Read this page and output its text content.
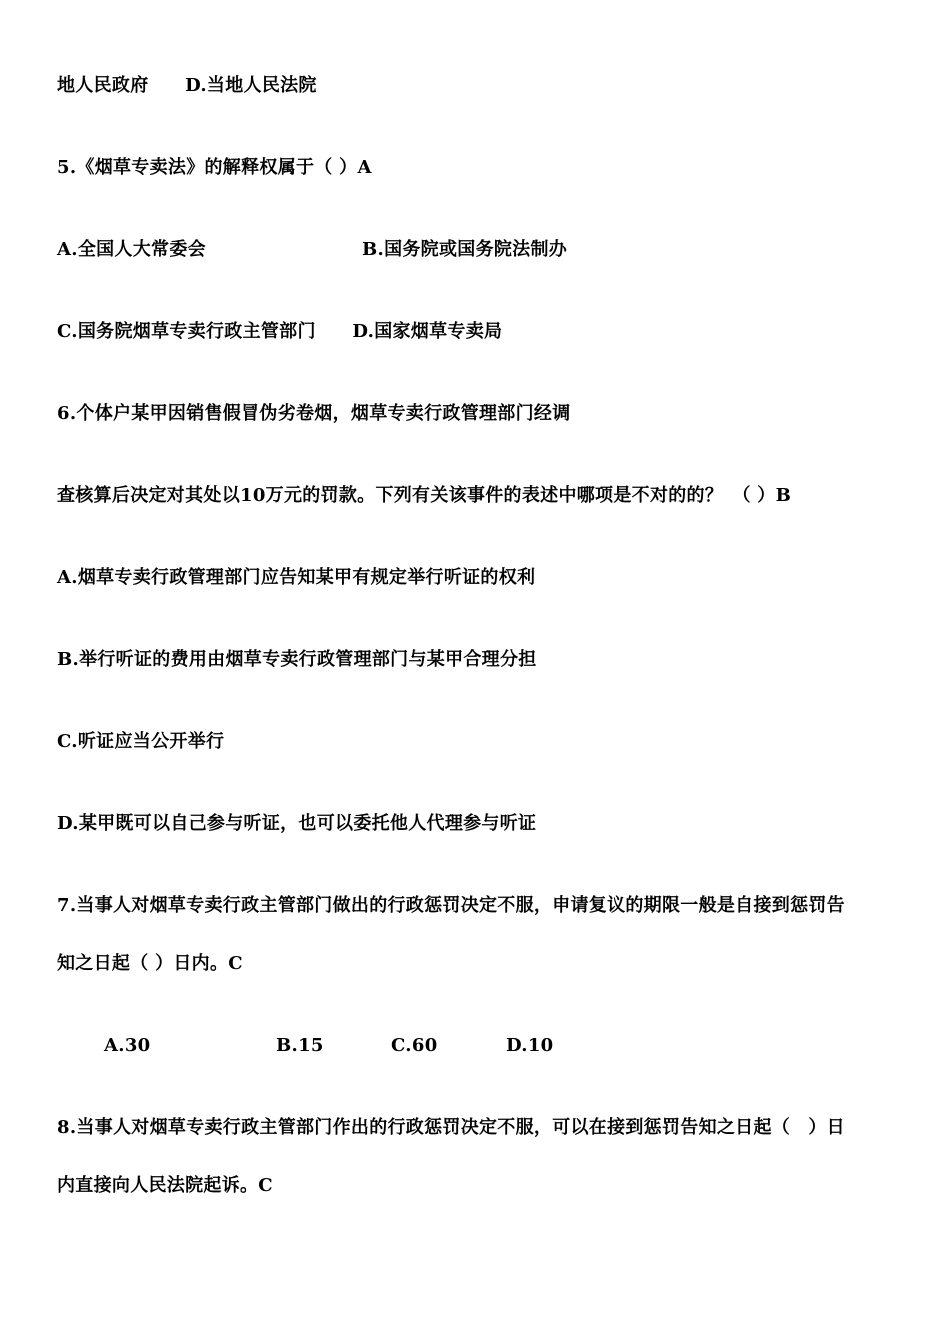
地人民政府　　D.当地人民法院
5.《烟草专卖法》的解释权属于（ ）A
A.全国人大常委会	B.国务院或国务院法制办
C.国务院烟草专卖行政主管部门　　D.国家烟草专卖局
6.个体户某甲因销售假冒伪劣卷烟，烟草专卖行政管理部门经调
查核算后决定对其处以10万元的罚款。下列有关该事件的表述中哪项是不对的的？　（ ）B
A.烟草专卖行政管理部门应告知某甲有规定举行听证的权利
B.举行听证的费用由烟草专卖行政管理部门与某甲合理分担
C.听证应当公开举行
D.某甲既可以自己参与听证，也可以委托他人代理参与听证
7.当事人对烟草专卖行政主管部门做出的行政惩罚决定不服，申请复议的期限一般是自接到惩罚告
知之日起（ ）日内。C
A.30	B.15	C.60	D.10
8.当事人对烟草专卖行政主管部门作出的行政惩罚决定不服，可以在接到惩罚告知之日起（　）日
内直接向人民法院起诉。C
